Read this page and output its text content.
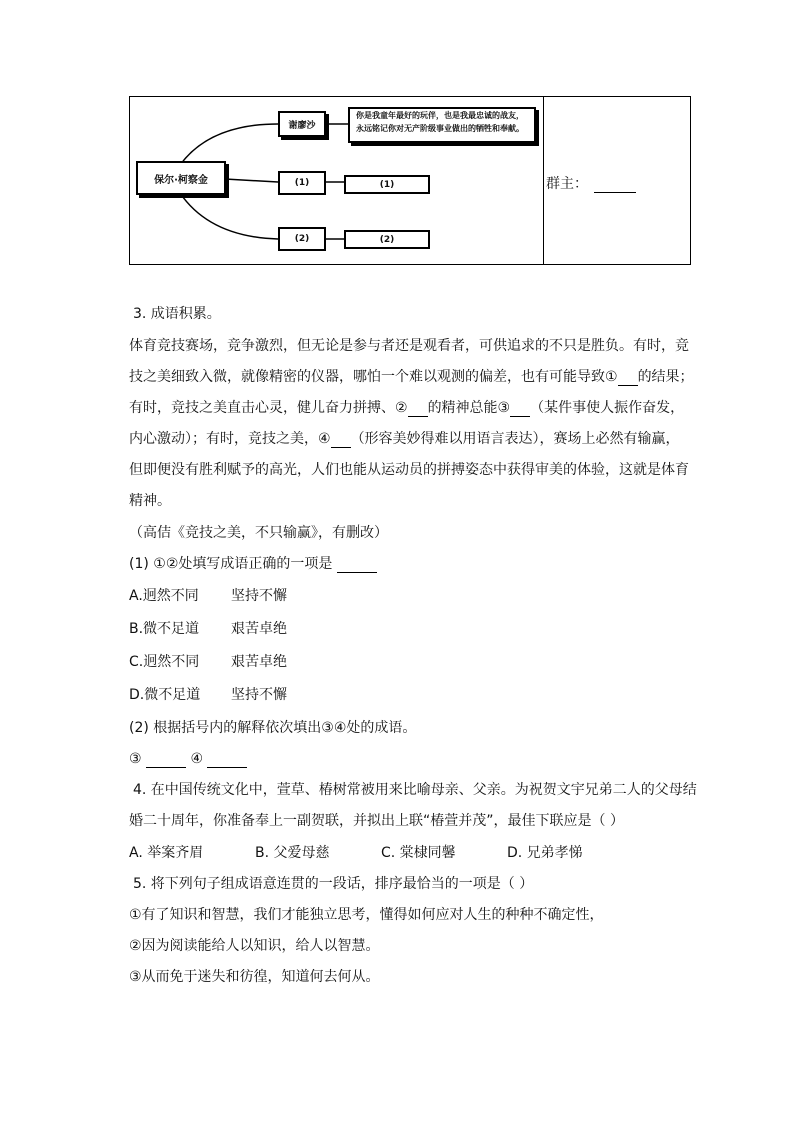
保尔·柯察金
谢廖沙
你是我童年最好的玩伴，也是我最忠诚的战友，
永远铭记你对无产阶级事业做出的牺牲和奉献。
(1)	(1)
(2)	(2)
群主：
3. 成语积累。
体育竞技赛场，竞争激烈，但无论是参与者还是观看者，可供追求的不只是胜负。有时，竞
技之美细致入微，就像精密的仪器，哪怕一个难以观测的偏差，也有可能导致① 的结果；
有时，竞技之美直击心灵，健儿奋力拼搏、② 的精神总能③ （某件事使人振作奋发，
内心激动）；有时，竞技之美，④ （形容美妙得难以用语言表达），赛场上必然有输赢，
但即便没有胜利赋予的高光，人们也能从运动员的拼搏姿态中获得审美的体验，这就是体育
精神。
（高佶《竞技之美，不只输赢》，有删改）
(1) ①②处填写成语正确的一项是
A.迥然不同 坚持不懈
B.微不足道 艰苦卓绝
C.迥然不同 艰苦卓绝
D.微不足道 坚持不懈
(2) 根据括号内的解释依次填出③④处的成语。
③	④
4. 在中国传统文化中，萱草、椿树常被用来比喻母亲、父亲。为祝贺文宇兄弟二人的父母结
婚二十周年，你准备奉上一副贺联，并拟出上联“椿萱并茂”，最佳下联应是（ ）
A. 举案齐眉	B. 父爱母慈	C. 棠棣同馨	D. 兄弟孝悌
5. 将下列句子组成语意连贯的一段话，排序最恰当的一项是（ ）
①有了知识和智慧，我们才能独立思考，懂得如何应对人生的种种不确定性，
②因为阅读能给人以知识，给人以智慧。
③从而免于迷失和彷徨，知道何去何从。
